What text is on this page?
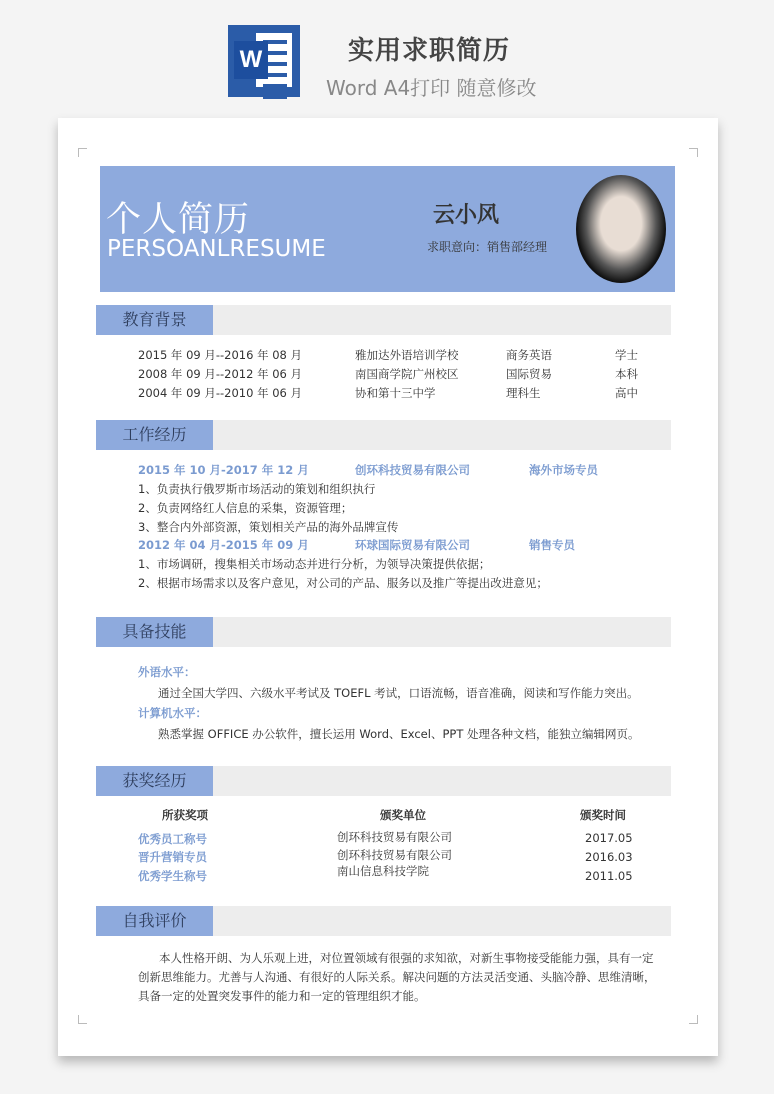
W	实用求职简历
Word A4打印 随意修改
个人简历
PERSOANLRESUME
云小风
求职意向：销售部经理
教育背景
2015 年 09 月--2016 年 08 月	雅加达外语培训学校	商务英语	学士
2008 年 09 月--2012 年 06 月	南国商学院广州校区	国际贸易	本科
2004 年 09 月--2010 年 06 月	协和第十三中学	理科生	高中
工作经历
2015 年 10 月-2017 年 12 月	创环科技贸易有限公司	海外市场专员
1、负责执行俄罗斯市场活动的策划和组织执行
2、负责网络红人信息的采集，资源管理；
3、整合内外部资源，策划相关产品的海外品牌宣传
2012 年 04 月-2015 年 09 月	环球国际贸易有限公司	销售专员
1、市场调研，搜集相关市场动态并进行分析，为领导决策提供依据；
2、根据市场需求以及客户意见，对公司的产品、服务以及推广等提出改进意见；
具备技能
外语水平：
通过全国大学四、六级水平考试及 TOEFL 考试，口语流畅，语音准确，阅读和写作能力突出。
计算机水平：
熟悉掌握 OFFICE 办公软件，擅长运用 Word、Excel、PPT 处理各种文档，能独立编辑网页。
获奖经历
所获奖项	颁奖单位	颁奖时间
优秀员工称号	创环科技贸易有限公司	2017.05
晋升营销专员	创环科技贸易有限公司	2016.03
优秀学生称号	南山信息科技学院	2011.05
自我评价
本人性格开朗、为人乐观上进，对位置领域有很强的求知欲，对新生事物接受能能力强，具有一定
创新思维能力。尤善与人沟通、有很好的人际关系。解决问题的方法灵活变通、头脑冷静、思维清晰，
具备一定的处置突发事件的能力和一定的管理组织才能。
